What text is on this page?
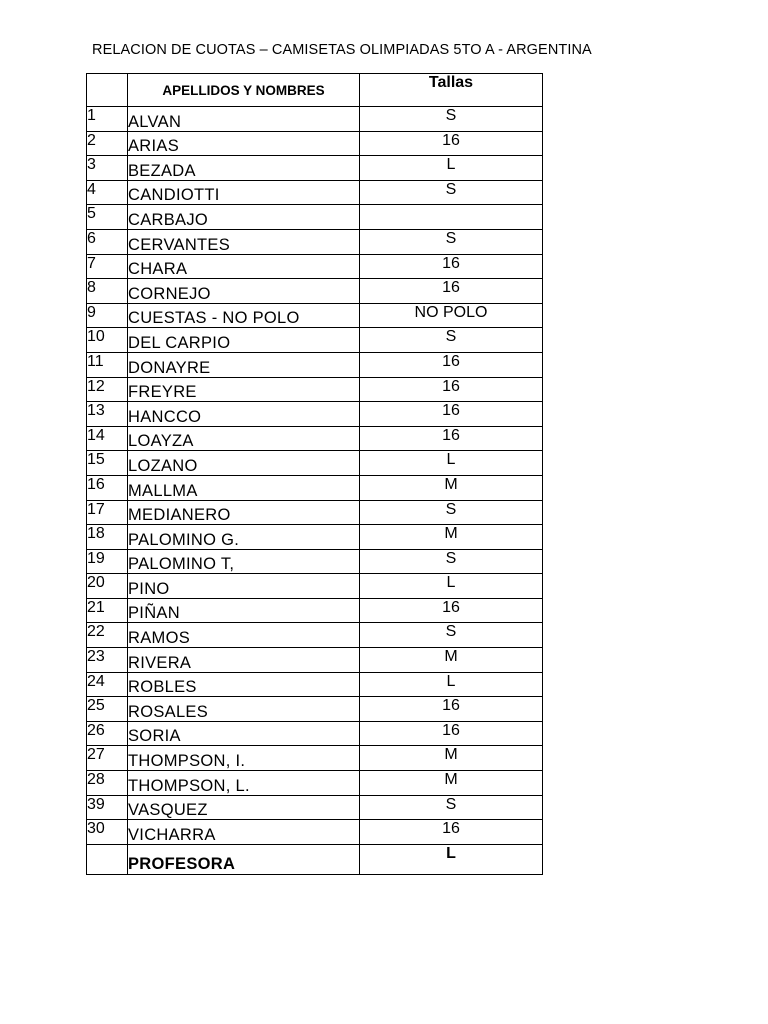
RELACION DE CUOTAS – CAMISETAS OLIMPIADAS 5TO A - ARGENTINA
	APELLIDOS Y NOMBRES	Tallas
1	ALVAN	S
2	ARIAS	16
3	BEZADA	L
4	CANDIOTTI	S
5	CARBAJO	
6	CERVANTES	S
7	CHARA	16
8	CORNEJO	16
9	CUESTAS - NO POLO	NO POLO
10	DEL CARPIO	S
11	DONAYRE	16
12	FREYRE	16
13	HANCCO	16
14	LOAYZA	16
15	LOZANO	L
16	MALLMA	M
17	MEDIANERO	S
18	PALOMINO G.	M
19	PALOMINO T,	S
20	PINO	L
21	PIÑAN	16
22	RAMOS	S
23	RIVERA	M
24	ROBLES	L
25	ROSALES	16
26	SORIA	16
27	THOMPSON, I.	M
28	THOMPSON, L.	M
39	VASQUEZ	S
30	VICHARRA	16
	PROFESORA	L
